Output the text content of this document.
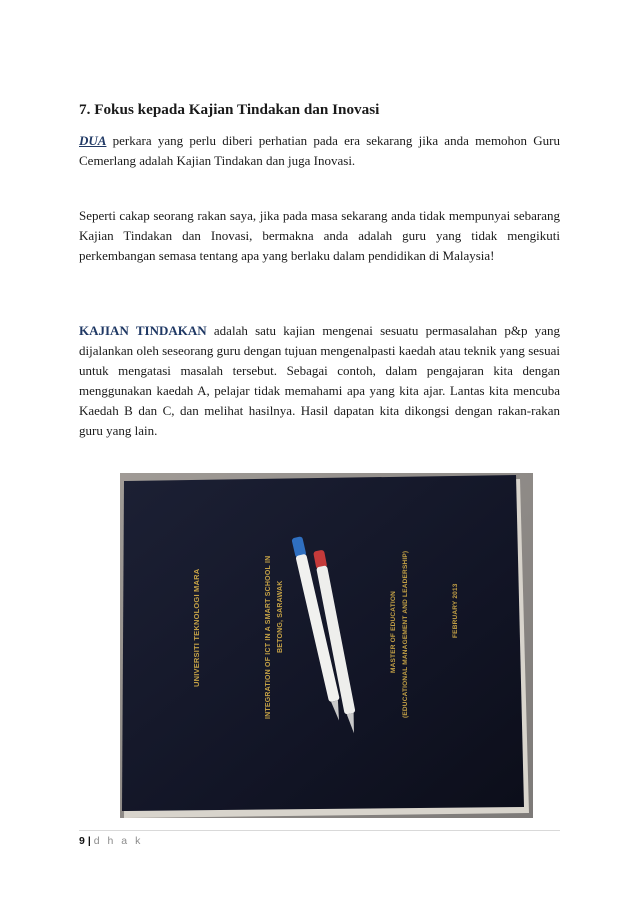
7. Fokus kepada Kajian Tindakan dan Inovasi

DUA perkara yang perlu diberi perhatian pada era sekarang jika anda memohon Guru Cemerlang adalah Kajian Tindakan dan juga Inovasi.

Seperti cakap seorang rakan saya, jika pada masa sekarang anda tidak mempunyai sebarang Kajian Tindakan dan Inovasi, bermakna anda adalah guru yang tidak mengikuti perkembangan semasa tentang apa yang berlaku dalam pendidikan di Malaysia!

KAJIAN TINDAKAN adalah satu kajian mengenai sesuatu permasalahan p&p yang dijalankan oleh seseorang guru dengan tujuan mengenalpasti kaedah atau teknik yang sesuai untuk mengatasi masalah tersebut. Sebagai contoh, dalam pengajaran kita dengan menggunakan kaedah A, pelajar tidak memahami apa yang kita ajar. Lantas kita mencuba Kaedah B dan C, dan melihat hasilnya. Hasil dapatan kita dikongsi dengan rakan-rakan guru yang lain.

UNIVERSITI TEKNOLOGI MARA	INTEGRATION OF ICT IN A SMART SCHOOL IN BETONG, SARAWAK	MASTER OF EDUCATION (EDUCATIONAL MANAGEMENT AND LEADERSHIP)	FEBRUARY 2013
9 | d h a k
